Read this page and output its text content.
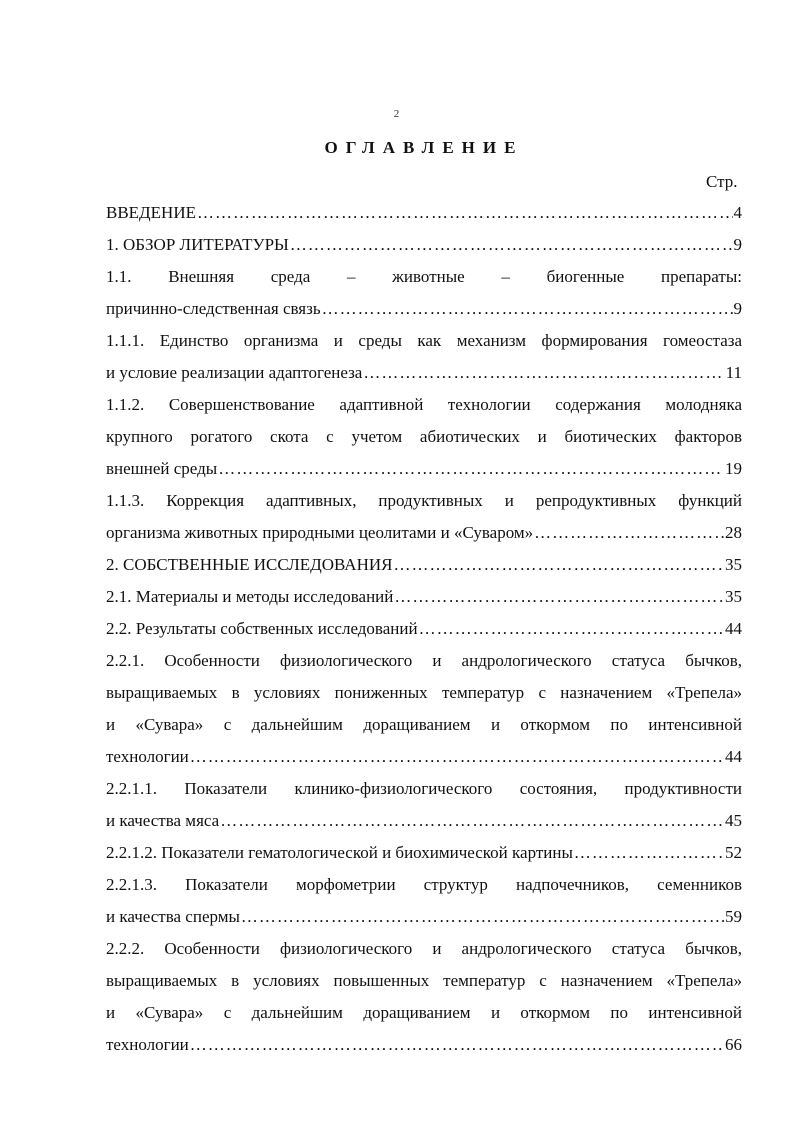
2
ОГЛАВЛЕНИЕ
Стр.
ВВЕДЕНИЕ …………………………………………………………………………………………………………………………………………………………………………	4
1. ОБЗОР ЛИТЕРАТУРЫ …………………………………………………………………………………………………………………………………………………………………………	9
1.1. Внешняя среда – животные – биогенные препараты:
причинно-следственная связь …………………………………………………………………………………………………………………………………………………………………………	9
1.1.1. Единство организма и среды как механизм формирования гомеостаза
и условие реализации адаптогенеза …………………………………………………………………………………………………………………………………………………………………………	11
1.1.2. Совершенствование адаптивной технологии содержания молодняка
крупного рогатого скота с учетом абиотических и биотических факторов
внешней среды …………………………………………………………………………………………………………………………………………………………………………	19
1.1.3. Коррекция адаптивных, продуктивных и репродуктивных функций
организма животных природными цеолитами и «Суваром» …………………………………………………………………………………………………………………………………………………………………………	28
2. СОБСТВЕННЫЕ ИССЛЕДОВАНИЯ …………………………………………………………………………………………………………………………………………………………………………	35
2.1. Материалы и методы исследований …………………………………………………………………………………………………………………………………………………………………………	35
2.2. Результаты собственных исследований …………………………………………………………………………………………………………………………………………………………………………	44
2.2.1. Особенности физиологического и андрологического статуса бычков,
выращиваемых в условиях пониженных температур с назначением «Трепела»
и «Сувара» с дальнейшим доращиванием и откормом по интенсивной
технологии …………………………………………………………………………………………………………………………………………………………………………	44
2.2.1.1. Показатели клинико-физиологического состояния, продуктивности
и качества мяса …………………………………………………………………………………………………………………………………………………………………………	45
2.2.1.2. Показатели гематологической и биохимической картины …………………………………………………………………………………………………………………………………………………………………………	52
2.2.1.3. Показатели морфометрии структур надпочечников, семенников
и качества спермы …………………………………………………………………………………………………………………………………………………………………………	59
2.2.2. Особенности физиологического и андрологического статуса бычков,
выращиваемых в условиях повышенных температур с назначением «Трепела»
и «Сувара» с дальнейшим доращиванием и откормом по интенсивной
технологии …………………………………………………………………………………………………………………………………………………………………………	66
